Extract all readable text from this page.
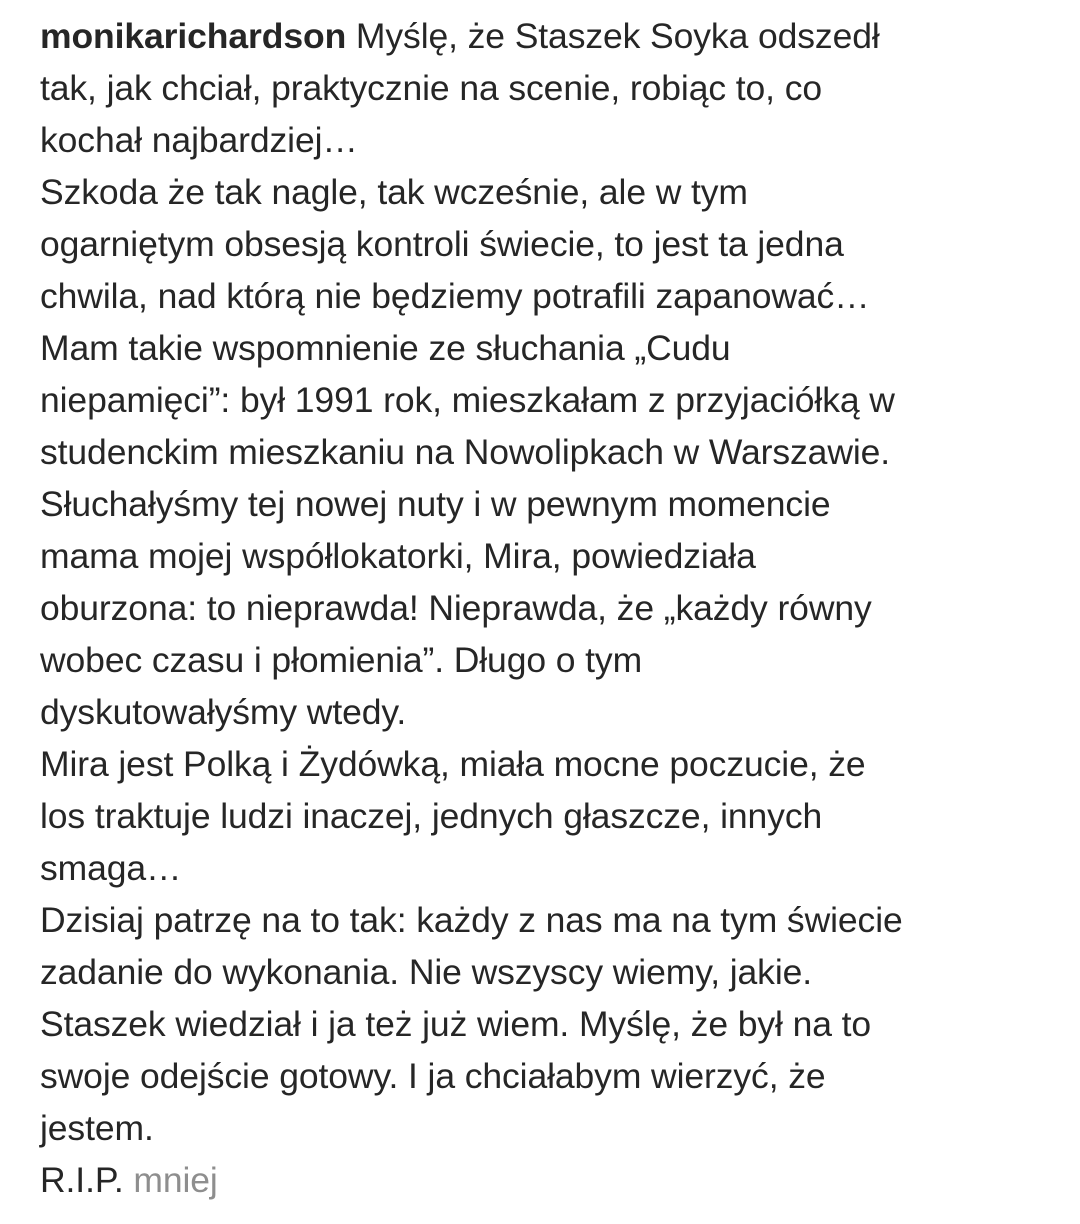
monikarichardson Myślę, że Staszek Soyka odszedł
tak, jak chciał, praktycznie na scenie, robiąc to, co
kochał najbardziej…
Szkoda że tak nagle, tak wcześnie, ale w tym
ogarniętym obsesją kontroli świecie, to jest ta jedna
chwila, nad którą nie będziemy potrafili zapanować…
Mam takie wspomnienie ze słuchania „Cudu
niepamięci”: był 1991 rok, mieszkałam z przyjaciółką w
studenckim mieszkaniu na Nowolipkach w Warszawie.
Słuchałyśmy tej nowej nuty i w pewnym momencie
mama mojej współlokatorki, Mira, powiedziała
oburzona: to nieprawda! Nieprawda, że „każdy równy
wobec czasu i płomienia”. Długo o tym
dyskutowałyśmy wtedy.
Mira jest Polką i Żydówką, miała mocne poczucie, że
los traktuje ludzi inaczej, jednych głaszcze, innych
smaga…
Dzisiaj patrzę na to tak: każdy z nas ma na tym świecie
zadanie do wykonania. Nie wszyscy wiemy, jakie.
Staszek wiedział i ja też już wiem. Myślę, że był na to
swoje odejście gotowy. I ja chciałabym wierzyć, że
jestem.
R.I.P. mniej
